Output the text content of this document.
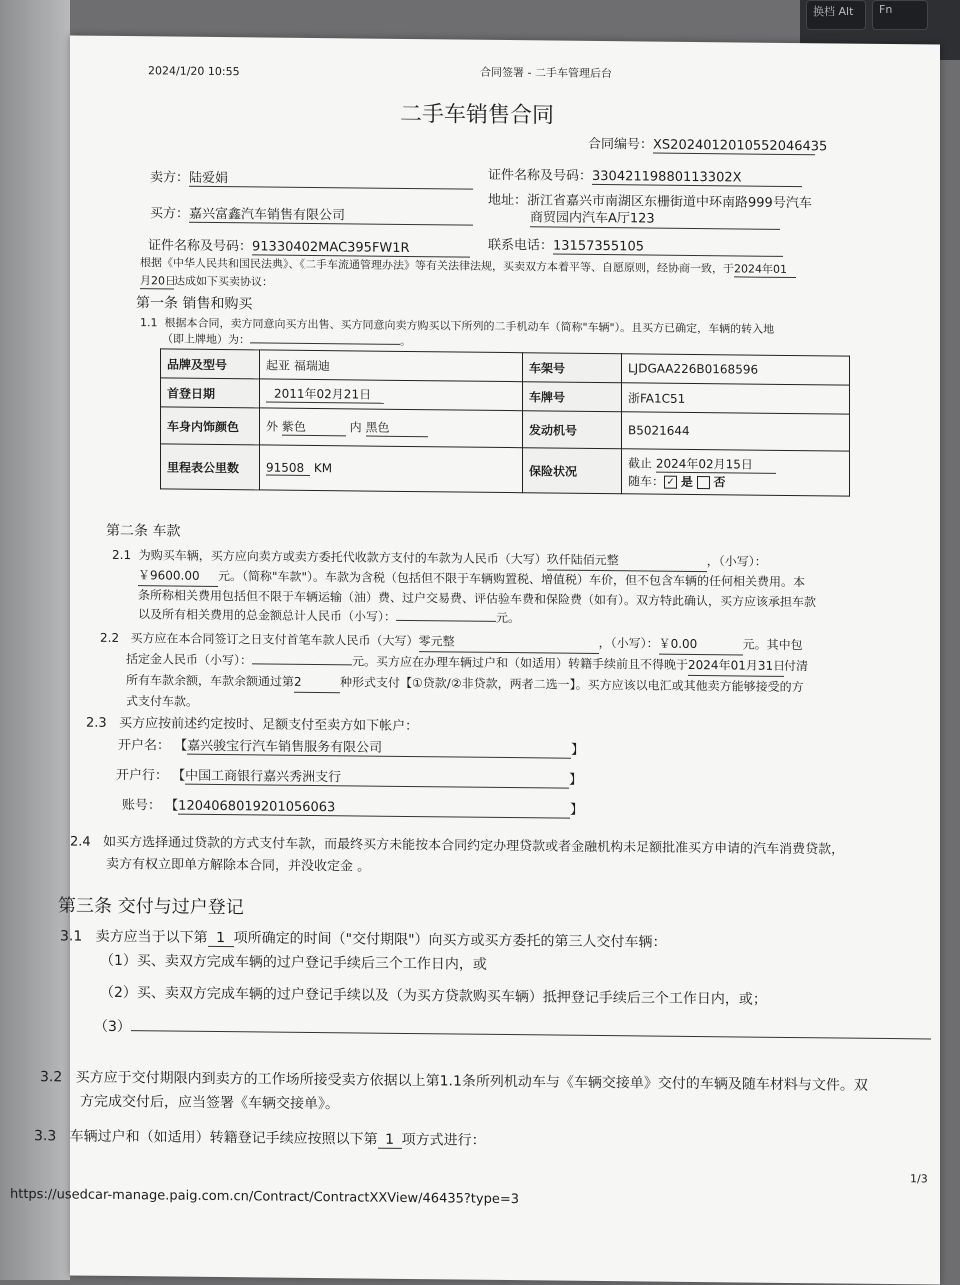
换档 Alt	Fn
2024/1/20 10:55	合同签署 - 二手车管理后台
二手车销售合同
合同编号：XS2024012010552046435
卖方：陆爱娟	证件名称及号码：33042119880113302X
买方：嘉兴富鑫汽车销售有限公司
地址：浙江省嘉兴市南湖区东栅街道中环南路999号汽车
商贸园内汽车A厅123
证件名称及号码：91330402MAC395FW1R	联系电话：13157355105
根据《中华人民共和国民法典》、《二手车流通管理办法》等有关法律法规，买卖双方本着平等、自愿原则，经协商一致，于2024年01
月20日达成如下买卖协议：
第一条 销售和购买
1.1 根据本合同，卖方同意向买方出售、买方同意向卖方购买以下所列的二手机动车（简称"车辆"）。且买方已确定，车辆的转入地
（即上牌地）为：	。
品牌及型号	起亚 福瑞迪	车架号	LJDGAA226B0168596
首登日期	2011年02月21日	车牌号	浙FA1C51
车身内饰颜色	外 紫色 内 黑色	发动机号	B5021644
里程表公里数	91508 KM	保险状况	截止 2024年02月15日
随车： ✓ 是 否
第二条 车款
2.1 为购买车辆，买方应向卖方或卖方委托代收款方支付的车款为人民币（大写）玖仟陆佰元整	，（小写）：
￥9600.00 元。（简称"车款"）。车款为含税（包括但不限于车辆购置税、增值税）车价，但不包含车辆的任何相关费用。本
条所称相关费用包括但不限于车辆运输（油）费、过户交易费、评估验车费和保险费（如有）。双方特此确认，买方应该承担车款
以及所有相关费用的总金额总计人民币（小写）：	元。
2.2 买方应在本合同签订之日支付首笔车款人民币（大写）零元整	，（小写）：￥0.00	元。其中包
括定金人民币（小写）：	元。买方应在办理车辆过户和（如适用）转籍手续前且不得晚于2024年01月31日付清
所有车款余额，车款余额通过第2	种形式支付【①贷款/②非贷款，两者二选一】。买方应该以电汇或其他卖方能够接受的方
式支付车款。
2.3 买方应按前述约定按时、足额支付至卖方如下帐户：
开户名： 【嘉兴骏宝行汽车销售服务有限公司	】
开户行： 【中国工商银行嘉兴秀洲支行	】
账号： 【1204068019201056063	】
2.4 如买方选择通过贷款的方式支付车款，而最终买方未能按本合同约定办理贷款或者金融机构未足额批准买方申请的汽车消费贷款，
卖方有权立即单方解除本合同，并没收定金 。
第三条 交付与过户登记
3.1 卖方应当于以下第 1 项所确定的时间（"交付期限"）向买方或买方委托的第三人交付车辆：
（1）买、卖双方完成车辆的过户登记手续后三个工作日内，或
（2）买、卖双方完成车辆的过户登记手续以及（为买方贷款购买车辆）抵押登记手续后三个工作日内，或；
（3）
3.2 买方应于交付期限内到卖方的工作场所接受卖方依据以上第1.1条所列机动车与《车辆交接单》交付的车辆及随车材料与文件。双
方完成交付后，应当签署《车辆交接单》。
3.3 车辆过户和（如适用）转籍登记手续应按照以下第 1 项方式进行：
https://usedcar-manage.paig.com.cn/Contract/ContractXXView/46435?type=3
1/3
